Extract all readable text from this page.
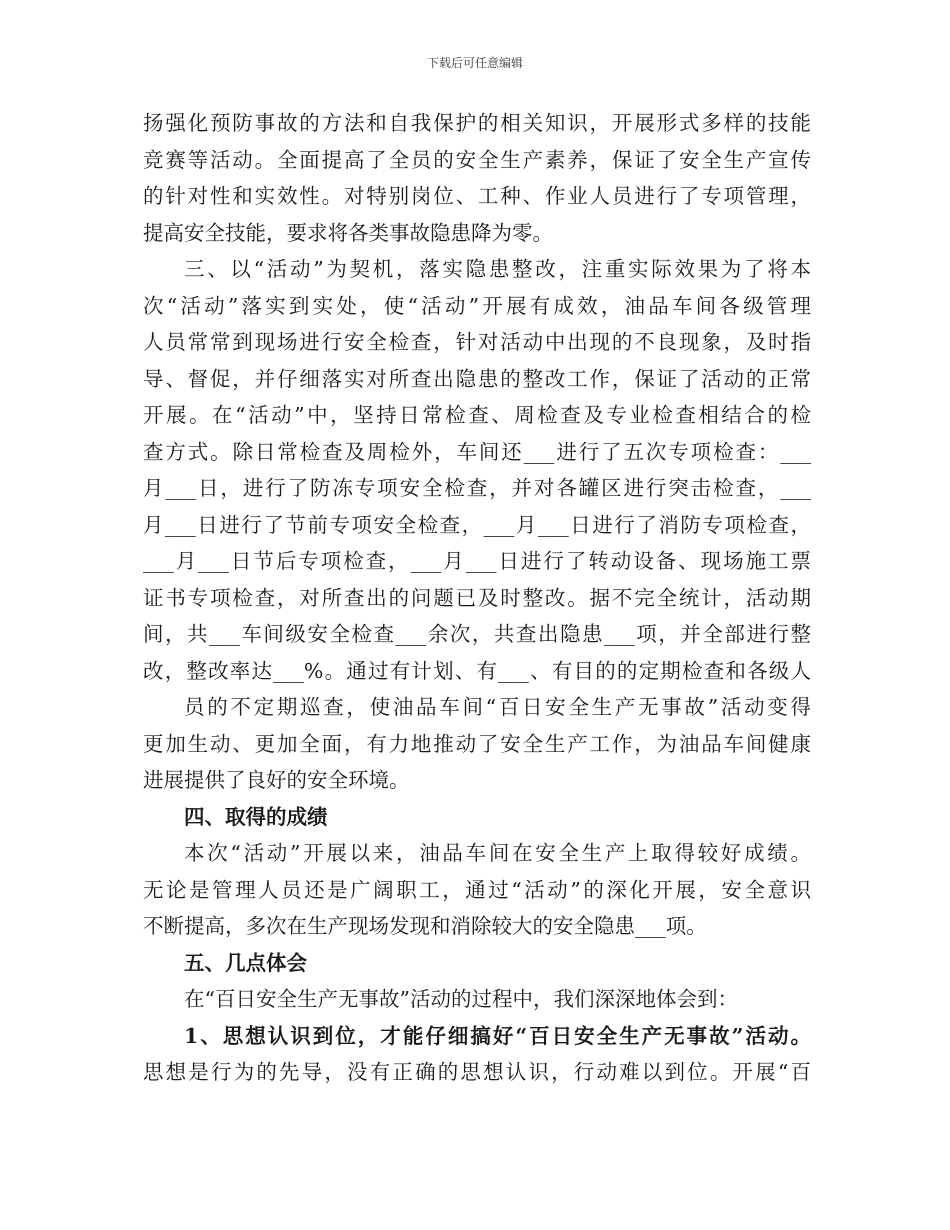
下载后可任意编辑
扬强化预防事故的方法和自我保护的相关知识，开展形式多样的技能
竞赛等活动。全面提高了全员的安全生产素养，保证了安全生产宣传
的针对性和实效性。对特别岗位、工种、作业人员进行了专项管理，
提高安全技能，要求将各类事故隐患降为零。
三、以“活动”为契机，落实隐患整改，注重实际效果为了将本
次“活动”落实到实处，使“活动”开展有成效，油品车间各级管理
人员常常到现场进行安全检查，针对活动中出现的不良现象，及时指
导、督促，并仔细落实对所查出隐患的整改工作，保证了活动的正常
开展。在“活动”中，坚持日常检查、周检查及专业检查相结合的检
查方式。除日常检查及周检外，车间还___进行了五次专项检查：___
月___日，进行了防冻专项安全检查，并对各罐区进行突击检查，___
月___日进行了节前专项安全检查，___月___日进行了消防专项检查，
___月___日节后专项检查，___月___日进行了转动设备、现场施工票
证书专项检查，对所查出的问题已及时整改。据不完全统计，活动期
间，共___车间级安全检查___余次，共查出隐患___项，并全部进行整
改，整改率达___%。通过有计划、有___、有目的的定期检查和各级人
员的不定期巡查，使油品车间“百日安全生产无事故”活动变得
更加生动、更加全面，有力地推动了安全生产工作，为油品车间健康
进展提供了良好的安全环境。
四、取得的成绩
本次“活动”开展以来，油品车间在安全生产上取得较好成绩。
无论是管理人员还是广阔职工，通过“活动”的深化开展，安全意识
不断提高，多次在生产现场发现和消除较大的安全隐患___项。
五、几点体会
在“百日安全生产无事故”活动的过程中，我们深深地体会到：
1、思想认识到位，才能仔细搞好“百日安全生产无事故”活动。
思想是行为的先导，没有正确的思想认识，行动难以到位。开展“百
